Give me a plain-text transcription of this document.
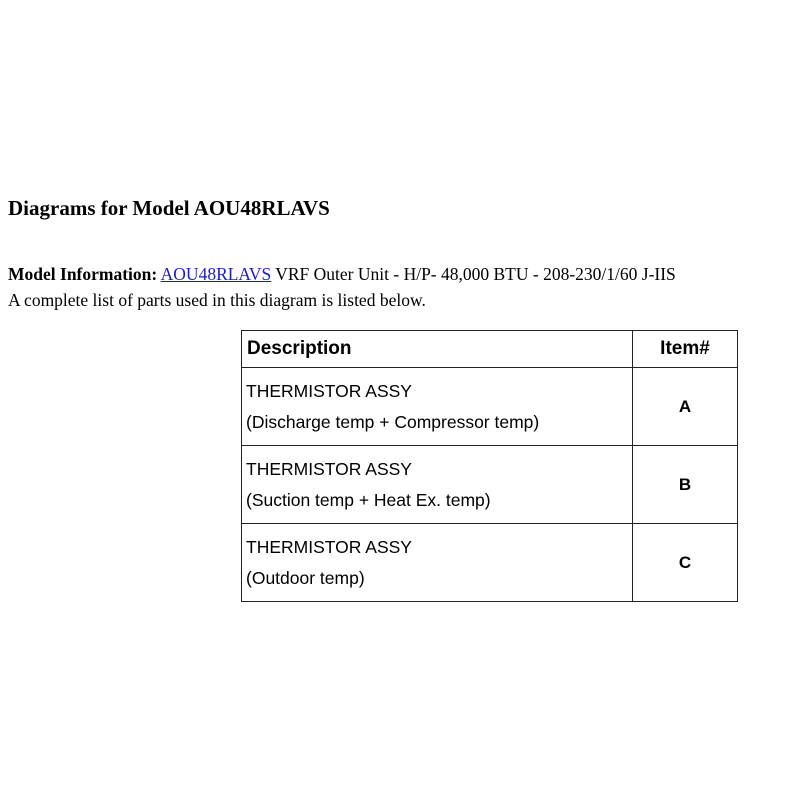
Diagrams for Model AOU48RLAVS
Model Information: AOU48RLAVS VRF Outer Unit - H/P- 48,000 BTU - 208-230/1/60 J-IIS
A complete list of parts used in this diagram is listed below.
Description	Item#

THERMISTOR ASSY
(Discharge temp + Compressor temp)	A

THERMISTOR ASSY
(Suction temp + Heat Ex. temp)	B

THERMISTOR ASSY
(Outdoor temp)	C
